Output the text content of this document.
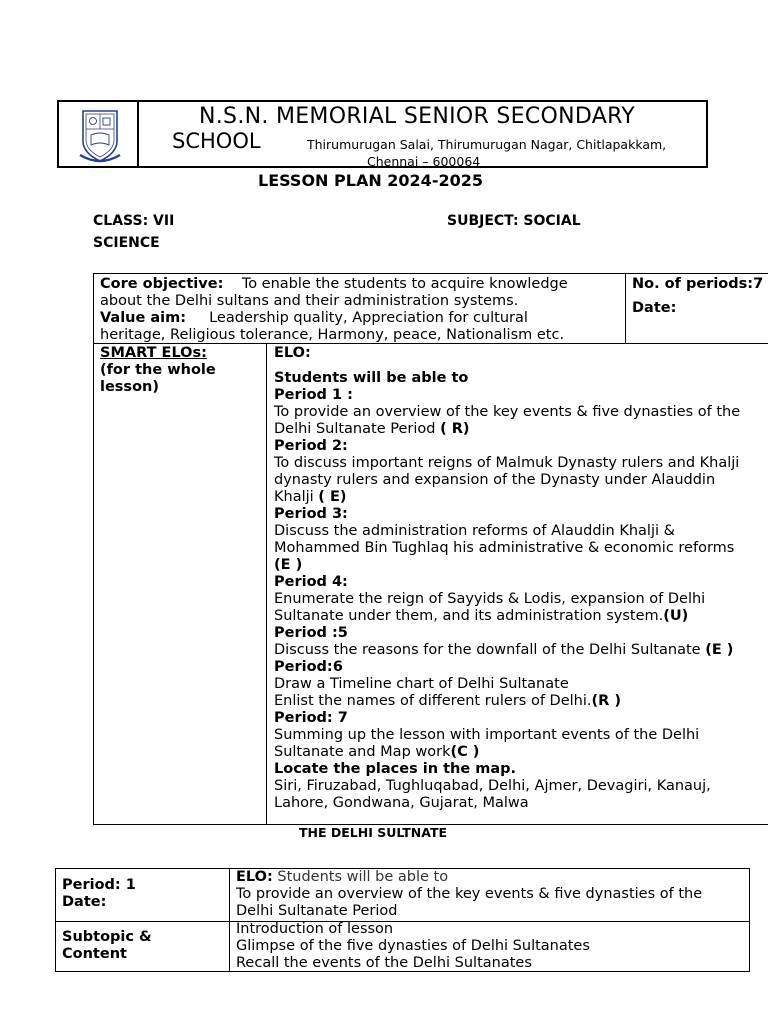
N.S.N. MEMORIAL SENIOR SECONDARY
SCHOOL	Thirumurugan Salai, Thirumurugan Nagar, Chitlapakkam,
Chennai – 600064
LESSON PLAN 2024-2025
CLASS: VII	SUBJECT: SOCIAL
SCIENCE
Core objective: To enable the students to acquire knowledge
about the Delhi sultans and their administration systems.
Value aim: Leadership quality, Appreciation for cultural
heritage, Religious tolerance, Harmony, peace, Nationalism etc.
No. of periods:7
Date:
SMART ELOs:
(for the whole
lesson)
ELO:
Students will be able to
Period 1 :
To provide an overview of the key events & five dynasties of the
Delhi Sultanate Period ( R)
Period 2:
To discuss important reigns of Malmuk Dynasty rulers and Khalji
dynasty rulers and expansion of the Dynasty under Alauddin
Khalji ( E)
Period 3:
Discuss the administration reforms of Alauddin Khalji &
Mohammed Bin Tughlaq his administrative & economic reforms
(E )
Period 4:
Enumerate the reign of Sayyids & Lodis, expansion of Delhi
Sultanate under them, and its administration system.(U)
Period :5
Discuss the reasons for the downfall of the Delhi Sultanate (E )
Period:6
Draw a Timeline chart of Delhi Sultanate
Enlist the names of different rulers of Delhi.(R )
Period: 7
Summing up the lesson with important events of the Delhi
Sultanate and Map work(C )
Locate the places in the map.
Siri, Firuzabad, Tughluqabad, Delhi, Ajmer, Devagiri, Kanauj,
Lahore, Gondwana, Gujarat, Malwa
THE DELHI SULTNATE
Period: 1
Date:
ELO: Students will be able to
To provide an overview of the key events & five dynasties of the
Delhi Sultanate Period
Subtopic &
Content
Introduction of lesson
Glimpse of the five dynasties of Delhi Sultanates
Recall the events of the Delhi Sultanates
